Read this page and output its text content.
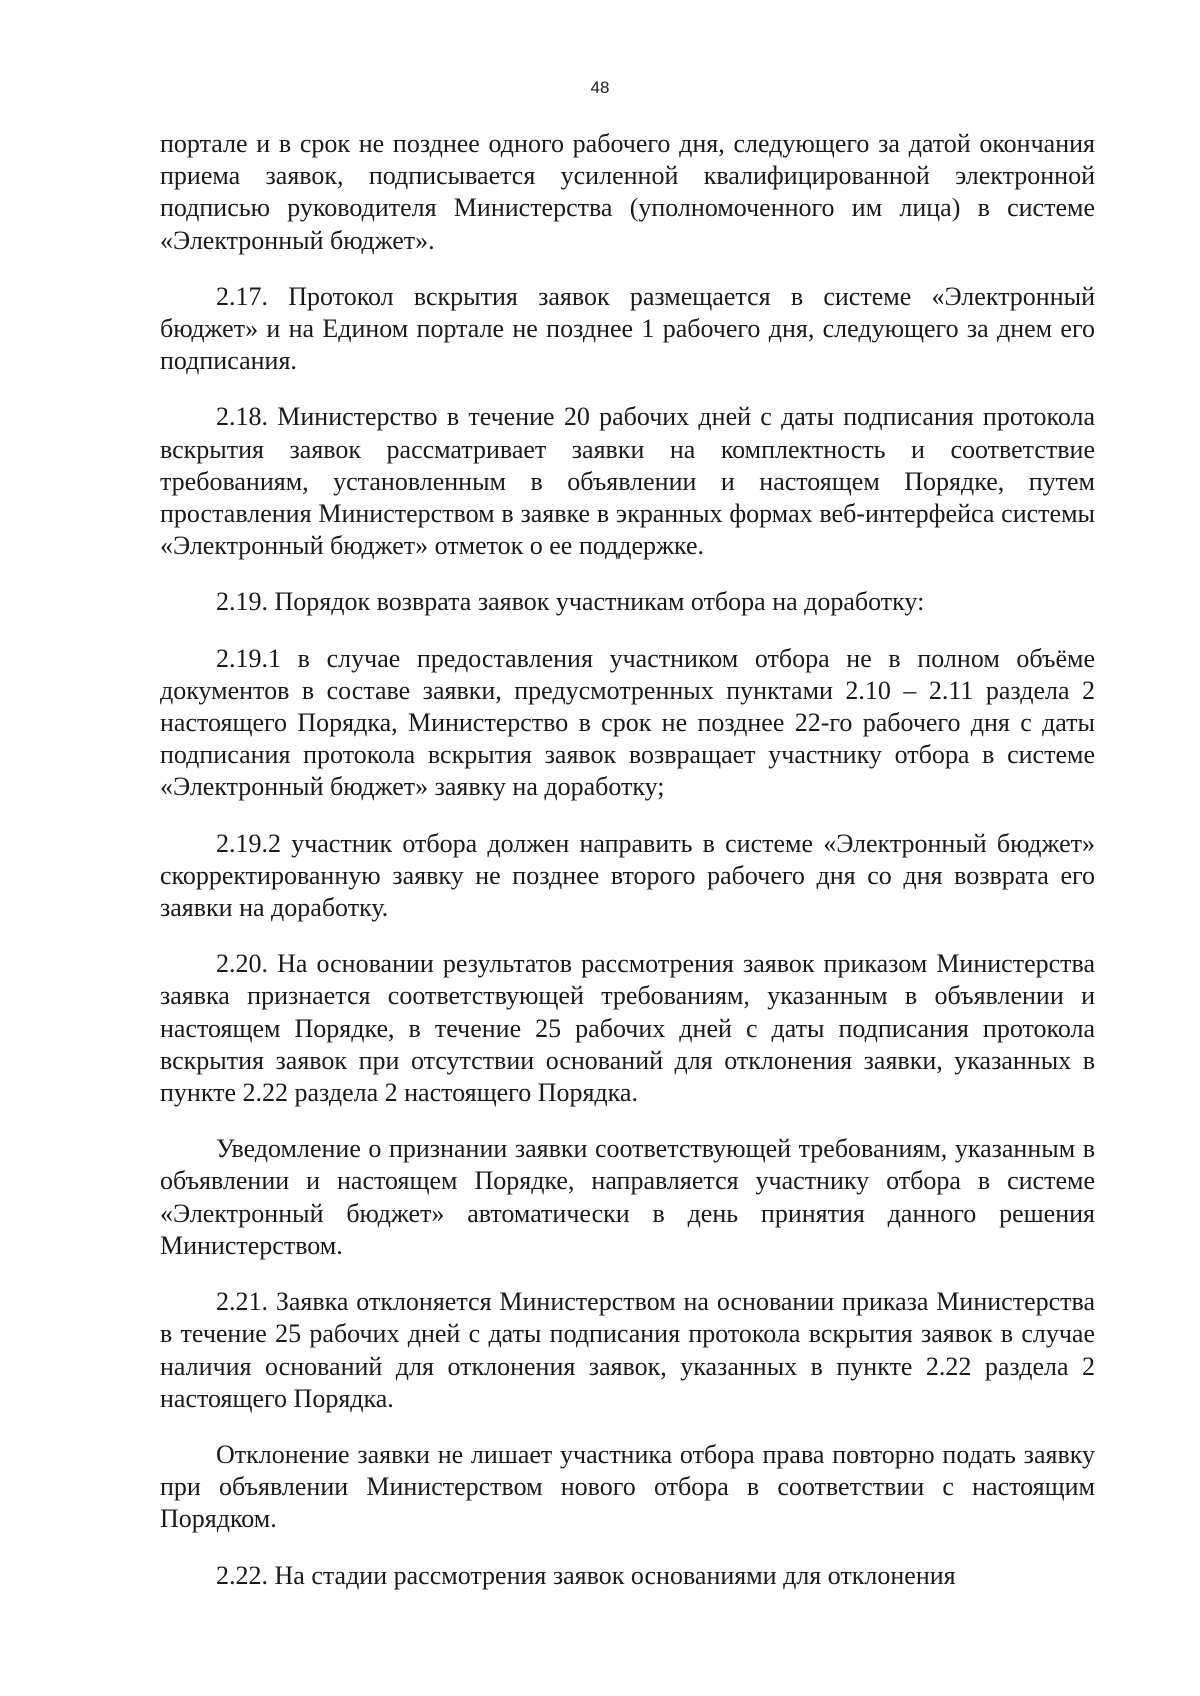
48

портале и в срок не позднее одного рабочего дня, следующего за датой окончания приема заявок, подписывается усиленной квалифицированной электронной подписью руководителя Министерства (уполномоченного им лица) в системе «Электронный бюджет».

2.17. Протокол вскрытия заявок размещается в системе «Электронный бюджет» и на Едином портале не позднее 1 рабочего дня, следующего за днем его подписания.

2.18. Министерство в течение 20 рабочих дней с даты подписания протокола вскрытия заявок рассматривает заявки на комплектность и соответствие требованиям, установленным в объявлении и настоящем Порядке, путем проставления Министерством в заявке в экранных формах веб-интерфейса системы «Электронный бюджет» отметок о ее поддержке.

2.19. Порядок возврата заявок участникам отбора на доработку:

2.19.1 в случае предоставления участником отбора не в полном объёме документов в составе заявки, предусмотренных пунктами 2.10 – 2.11 раздела 2 настоящего Порядка, Министерство в срок не позднее 22-го рабочего дня с даты подписания протокола вскрытия заявок возвращает участнику отбора в системе «Электронный бюджет» заявку на доработку;

2.19.2 участник отбора должен направить в системе «Электронный бюджет» скорректированную заявку не позднее второго рабочего дня со дня возврата его заявки на доработку.

2.20. На основании результатов рассмотрения заявок приказом Министерства заявка признается соответствующей требованиям, указанным в объявлении и настоящем Порядке, в течение 25 рабочих дней с даты подписания протокола вскрытия заявок при отсутствии оснований для отклонения заявки, указанных в пункте 2.22 раздела 2 настоящего Порядка.

Уведомление о признании заявки соответствующей требованиям, указанным в объявлении и настоящем Порядке, направляется участнику отбора в системе «Электронный бюджет» автоматически в день принятия данного решения Министерством.

2.21. Заявка отклоняется Министерством на основании приказа Министерства в течение 25 рабочих дней с даты подписания протокола вскрытия заявок в случае наличия оснований для отклонения заявок, указанных в пункте 2.22 раздела 2 настоящего Порядка.

Отклонение заявки не лишает участника отбора права повторно подать заявку при объявлении Министерством нового отбора в соответствии с настоящим Порядком.

2.22. На стадии рассмотрения заявок основаниями для отклонения
